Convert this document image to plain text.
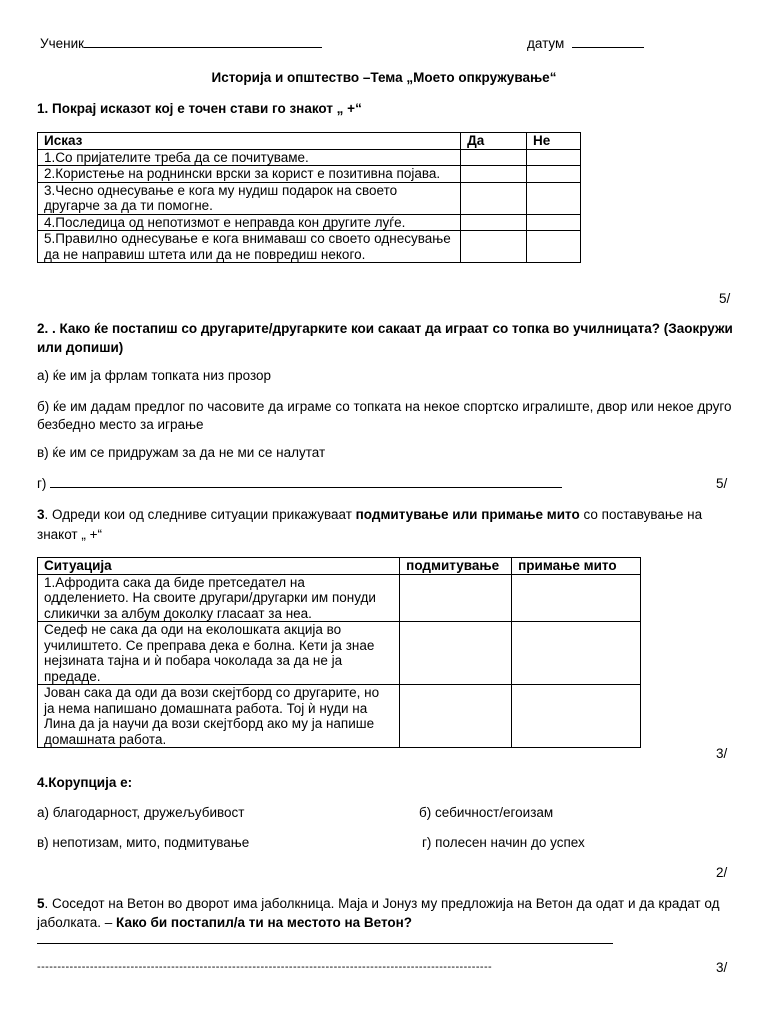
Ученик	датум
Историја и општество –Тема „Моето опкружување“
1. Покрај исказот кој е точен стави го знакот „ +“
Исказ	Да	Не
1.Со пријателите треба да се почитуваме.		
2.Користење на роднински врски за корист е позитивна појава.		
3.Чесно однесување е кога му нудиш подарок на своето другарче за да ти помогне.		
4.Последица од непотизмот е неправда кон другите луѓе.		
5.Правилно однесување е кога внимаваш со своето однесување да не направиш штета или да не повредиш некого.		
5/
2. . Како ќе постапиш со другарите/другарките кои сакаат да играат со топка во училницата? (Заокружи или допиши)
а) ќе им ја фрлам топката низ прозор
б) ќе им дадам предлог по часовите да играме со топката на некое спортско игралиште, двор или некое друго безбедно место за играње
в) ќе им се придружам за да не ми се налутат
г)	5/
3. Одреди кои од следниве ситуации прикажуваат подмитување или примање мито со поставување на знакот „ +“
Ситуација	подмитување	примање мито
1.Афродита сака да биде претседател на одделението. На своите другари/другарки им понуди сликички за албум доколку гласаат за неа.		
Седеф не сака да оди на еколошката акција во училиштето. Се преправа дека е болна. Кети ја знае нејзината тајна и ѝ побара чоколада за да не ја предаде.		
Јован сака да оди да вози скејтборд со другарите, но ја нема напишано домашната работа. Тој ѝ нуди на Лина да ја научи да вози скејтборд ако му ја напише домашната работа.		
3/
4.Корупција е:
а) благодарност, дружељубивост	б) себичност/егоизам
в) непотизам, мито, подмитување	г) полесен начин до успех
2/
5. Соседот на Ветон во дворот има јаболкница. Маја и Јонуз му предложија на Ветон да одат и да крадат од јаболката. – Како би постапил/а ти на местото на Ветон?
----------------------------------------------------------------------------------------------------------------	3/
